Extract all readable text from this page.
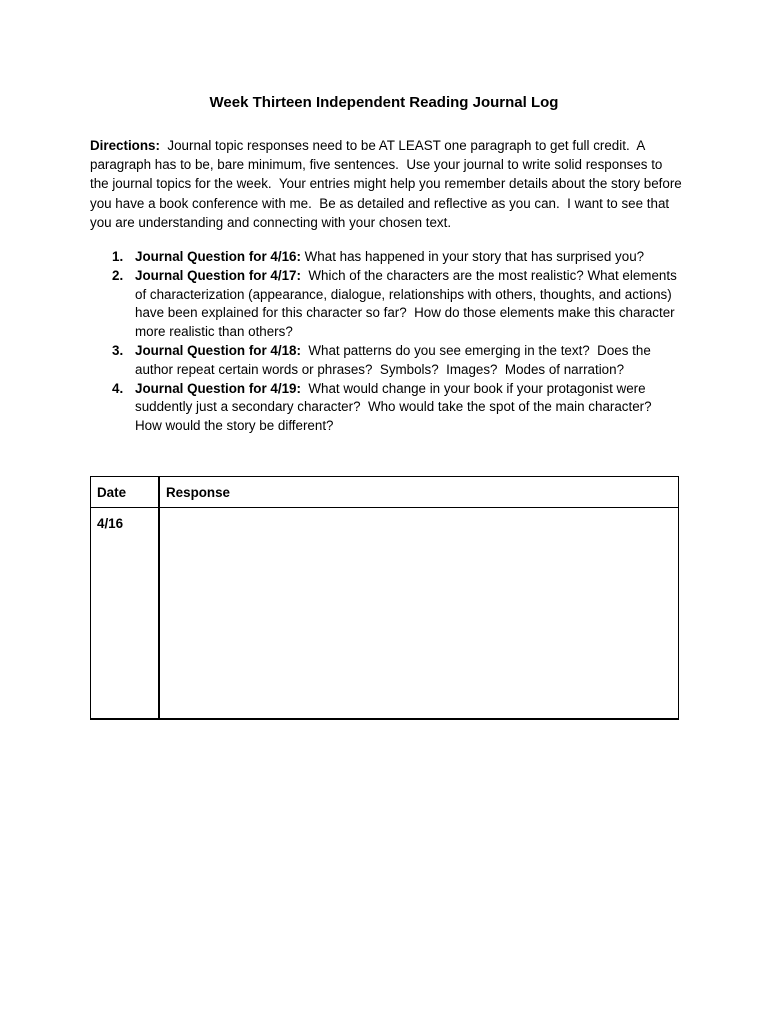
Week Thirteen Independent Reading Journal Log
Directions:  Journal topic responses need to be AT LEAST one paragraph to get full credit.  A paragraph has to be, bare minimum, five sentences.  Use your journal to write solid responses to the journal topics for the week.  Your entries might help you remember details about the story before you have a book conference with me.  Be as detailed and reflective as you can.  I want to see that you are understanding and connecting with your chosen text.
1. Journal Question for 4/16: What has happened in your story that has surprised you?
2. Journal Question for 4/17:  Which of the characters are the most realistic? What elements of characterization (appearance, dialogue, relationships with others, thoughts, and actions) have been explained for this character so far?  How do those elements make this character more realistic than others?
3. Journal Question for 4/18:  What patterns do you see emerging in the text?  Does the author repeat certain words or phrases?  Symbols?  Images?  Modes of narration?
4. Journal Question for 4/19:  What would change in your book if your protagonist were suddently just a secondary character?  Who would take the spot of the main character?  How would the story be different?
Date	Response
4/16	
